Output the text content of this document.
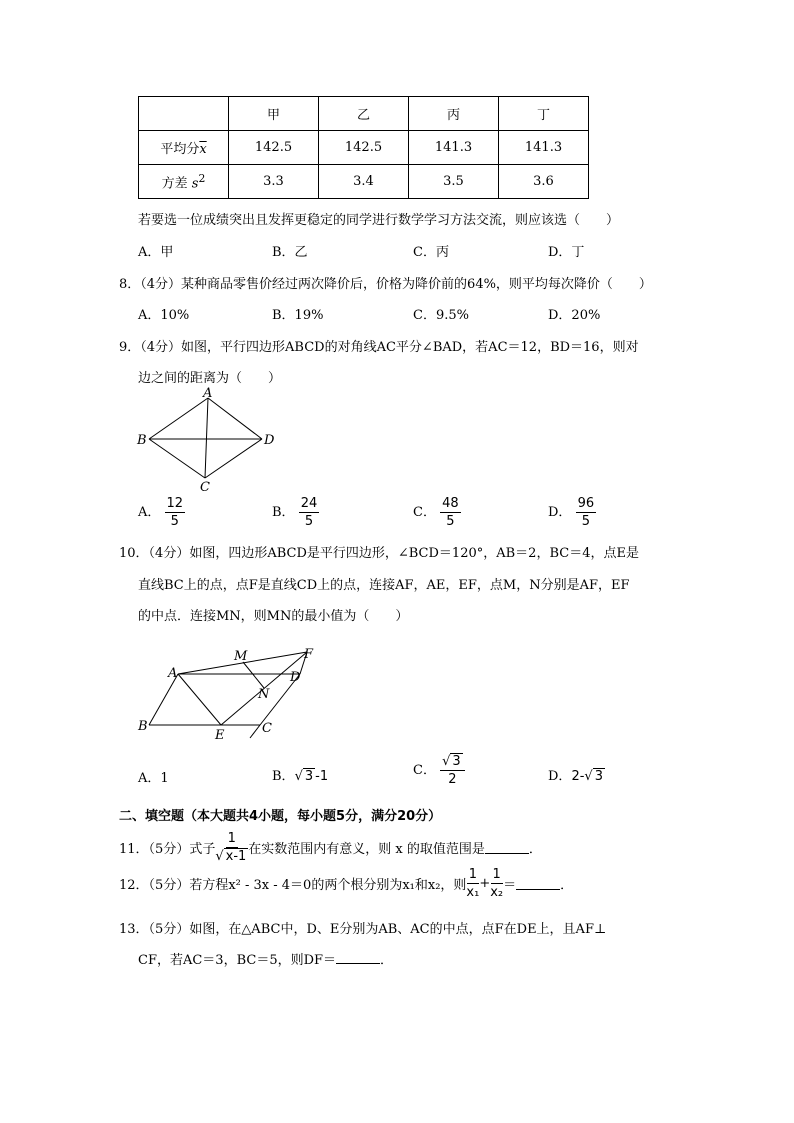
	甲	乙	丙	丁
平均分$\overline{x}$	142.5	142.5	141.3	141.3
方差 $s^2$	3.3	3.4	3.5	3.6
若要选一位成绩突出且发挥更稳定的同学进行数学学习方法交流，则应该选（　　）
A．甲	B．乙	C．丙	D．丁
8．（4分）某种商品零售价经过两次降价后，价格为降价前的64%，则平均每次降价（　　）
A．10%	B．19%	C．9.5%	D．20%
9．（4分）如图，平行四边形ABCD的对角线AC平分∠BAD，若AC＝12，BD＝16，则对
边之间的距离为（　　）
A
B
C
D
A． $\frac{12}{5}$	B． $\frac{24}{5}$	C． $\frac{48}{5}$	D． $\frac{96}{5}$
10．（4分）如图，四边形ABCD是平行四边形，∠BCD＝120°，AB＝2，BC＝4，点E是
直线BC上的点，点F是直线CD上的点，连接AF，AE，EF，点M，N分别是AF，EF
的中点．连接MN，则MN的最小值为（　　）
A
M	F
D
N
B
E	C
A．1	B．√ 3 -1	C． $\frac{√ 3}{2}$	D．2-√ 3
二、填空题（本大题共4小题，每小题5分，满分20分）
11．（5分）式子 $\frac{1}{√ x-1}$ 在实数范围内有意义，则 x 的取值范围是	．
12．（5分）若方程x² - 3x - 4＝0的两个根分别为x₁和x₂，则 $\frac{1}{\text{x₁}} + \frac{1}{\text{x₂}}$ ＝	．
13．（5分）如图，在△ABC中，D、E分别为AB、AC的中点，点F在DE上，且AF⊥
CF，若AC＝3，BC＝5，则DF＝	．
